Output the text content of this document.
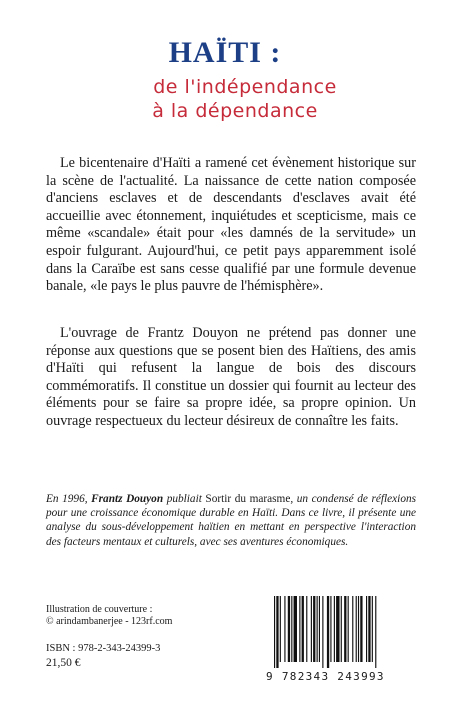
HAÏTI :
de l'indépendance
à la dépendance

Le bicentenaire d'Haïti a ramené cet évènement historique sur la scène de l'actualité. La naissance de cette nation composée d'anciens esclaves et de descendants d'esclaves avait été accueillie avec étonnement, inquiétudes et scepticisme, mais ce même «scandale» était pour «les damnés de la servitude» un espoir fulgurant. Aujourd'hui, ce petit pays apparemment isolé dans la Caraïbe est sans cesse qualifié par une formule devenue banale, «le pays le plus pauvre de l'hémisphère».

L'ouvrage de Frantz Douyon ne prétend pas donner une réponse aux questions que se posent bien des Haïtiens, des amis d'Haïti qui refusent la langue de bois des discours commémoratifs. Il constitue un dossier qui fournit au lecteur des éléments pour se faire sa propre idée, sa propre opinion. Un ouvrage respectueux du lecteur désireux de connaître les faits.

En 1996, Frantz Douyon publiait Sortir du marasme, un condensé de réflexions pour une croissance économique durable en Haïti. Dans ce livre, il présente une analyse du sous-développement haïtien en mettant en perspective l'interaction des facteurs mentaux et culturels, avec ses aventures économiques.

Illustration de couverture :
© arindambanerjee - 123rf.com
ISBN : 978-2-343-24399-3
21,50 €
9 782343 243993
